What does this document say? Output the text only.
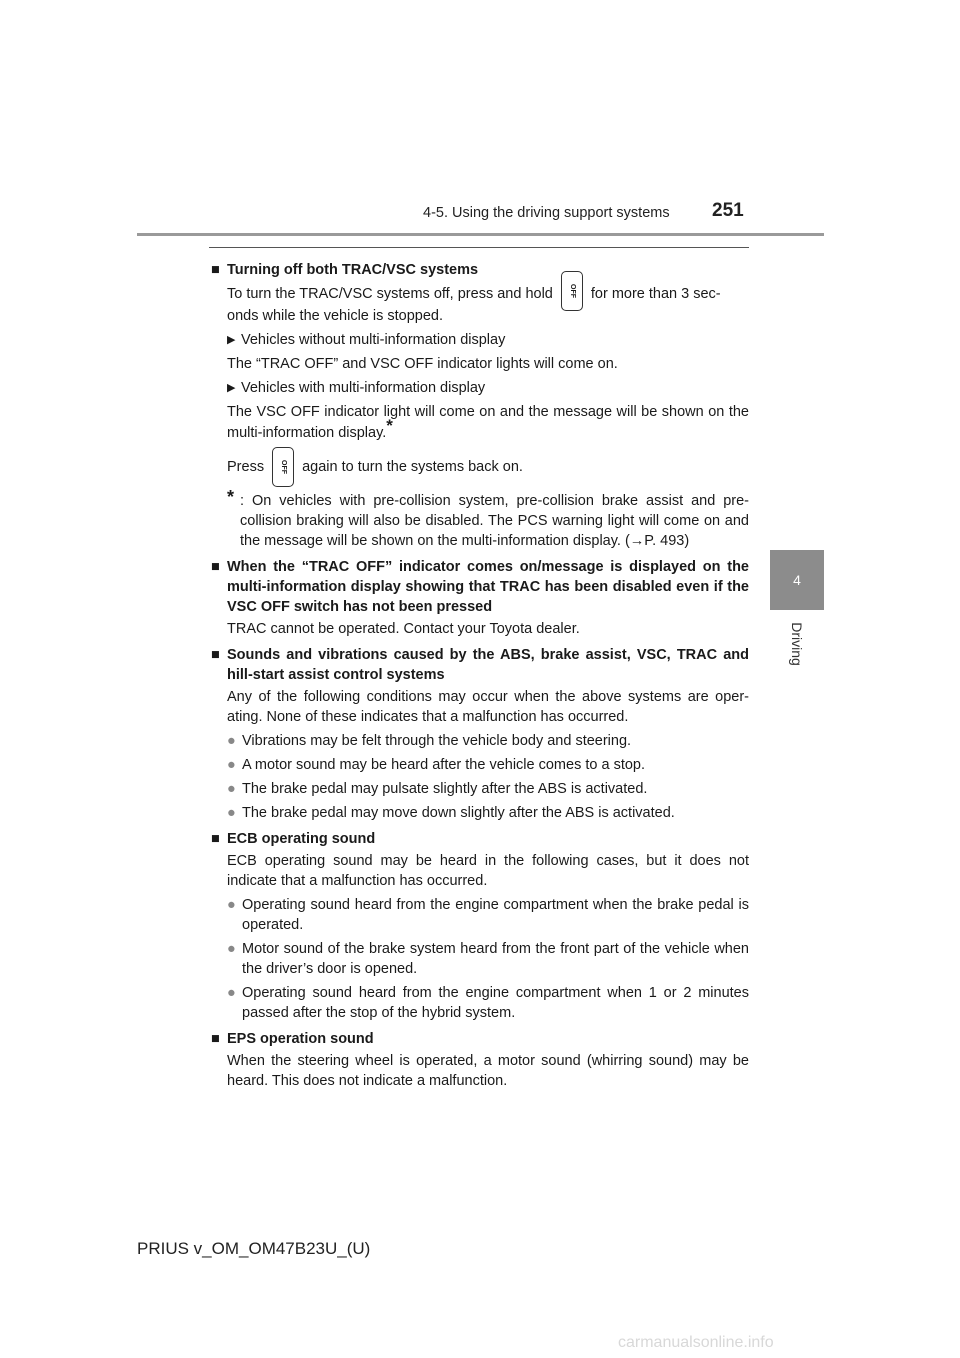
4-5. Using the driving support systems 251
4
Driving
■ Turning off both TRAC/VSC systems
To turn the TRAC/VSC systems off, press and hold	OFF	for more than 3 sec-
onds while the vehicle is stopped.
▶ Vehicles without multi-information display
The “TRAC OFF” and VSC OFF indicator lights will come on.
▶ Vehicles with multi-information display
The VSC OFF indicator light will come on and the message will be shown on the multi-information display.*
Press	OFF	again to turn the systems back on.
* : On vehicles with pre-collision system, pre-collision brake assist and pre-collision braking will also be disabled. The PCS warning light will come on and the message will be shown on the multi-information display. (→P. 493)
■ When the “TRAC OFF” indicator comes on/message is displayed on the multi-information display showing that TRAC has been disabled even if the VSC OFF switch has not been pressed
TRAC cannot be operated. Contact your Toyota dealer.
■ Sounds and vibrations caused by the ABS, brake assist, VSC, TRAC and hill-start assist control systems
Any of the following conditions may occur when the above systems are oper-ating. None of these indicates that a malfunction has occurred.
● Vibrations may be felt through the vehicle body and steering.
● A motor sound may be heard after the vehicle comes to a stop.
● The brake pedal may pulsate slightly after the ABS is activated.
● The brake pedal may move down slightly after the ABS is activated.
■ ECB operating sound
ECB operating sound may be heard in the following cases, but it does not indicate that a malfunction has occurred.
● Operating sound heard from the engine compartment when the brake pedal is operated.
● Motor sound of the brake system heard from the front part of the vehicle when the driver’s door is opened.
● Operating sound heard from the engine compartment when 1 or 2 minutes passed after the stop of the hybrid system.
■ EPS operation sound
When the steering wheel is operated, a motor sound (whirring sound) may be heard. This does not indicate a malfunction.
PRIUS v_OM_OM47B23U_(U)
carmanualsonline.info
